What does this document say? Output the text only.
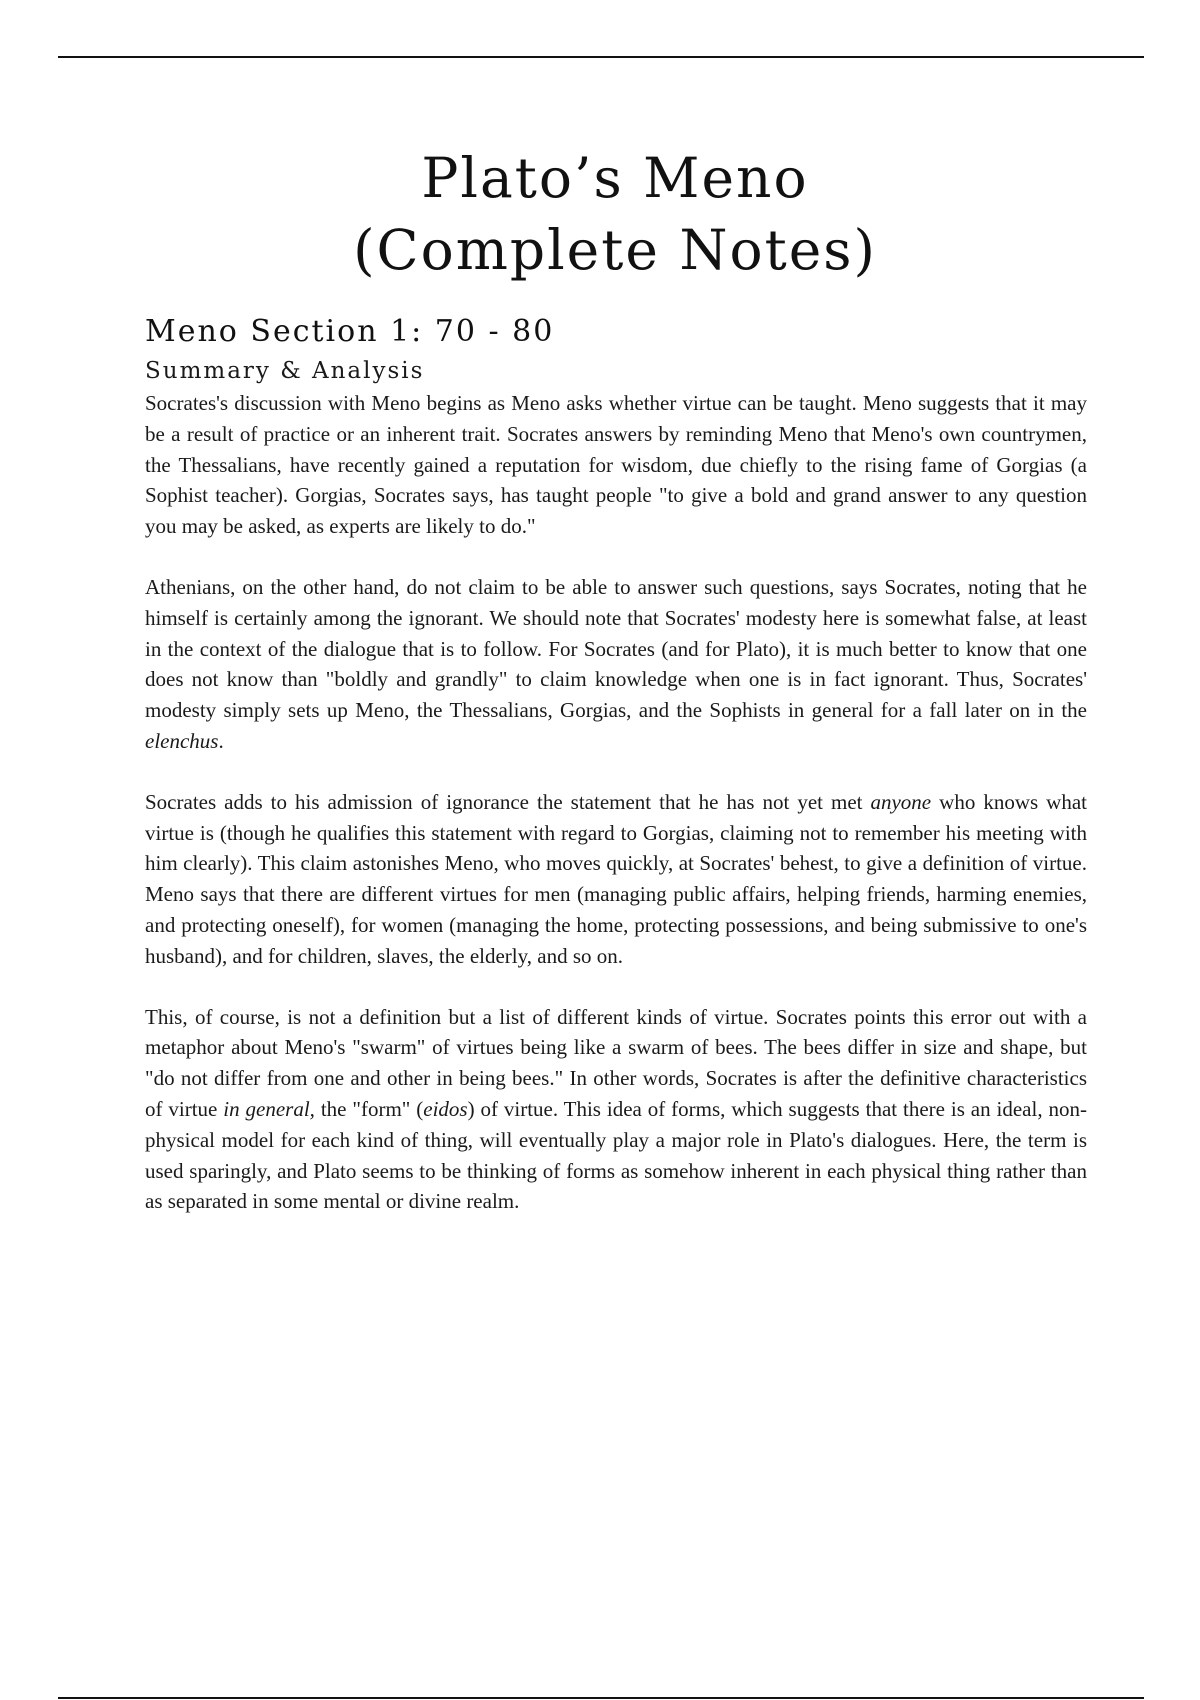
Plato’s Meno
(Complete Notes)
Meno Section 1: 70 - 80
Summary & Analysis

Socrates's discussion with Meno begins as Meno asks whether virtue can be taught. Meno suggests that it may be a result of practice or an inherent trait. Socrates answers by reminding Meno that Meno's own countrymen, the Thessalians, have recently gained a reputation for wisdom, due chiefly to the rising fame of Gorgias (a Sophist teacher). Gorgias, Socrates says, has taught people "to give a bold and grand answer to any question you may be asked, as experts are likely to do."

Athenians, on the other hand, do not claim to be able to answer such questions, says Socrates, noting that he himself is certainly among the ignorant. We should note that Socrates' modesty here is somewhat false, at least in the context of the dialogue that is to follow. For Socrates (and for Plato), it is much better to know that one does not know than "boldly and grandly" to claim knowledge when one is in fact ignorant. Thus, Socrates' modesty simply sets up Meno, the Thessalians, Gorgias, and the Sophists in general for a fall later on in the elenchus.

Socrates adds to his admission of ignorance the statement that he has not yet met anyone who knows what virtue is (though he qualifies this statement with regard to Gorgias, claiming not to remember his meeting with him clearly). This claim astonishes Meno, who moves quickly, at Socrates' behest, to give a definition of virtue. Meno says that there are different virtues for men (managing public affairs, helping friends, harming enemies, and protecting oneself), for women (managing the home, protecting possessions, and being submissive to one's husband), and for children, slaves, the elderly, and so on.

This, of course, is not a definition but a list of different kinds of virtue. Socrates points this error out with a metaphor about Meno's "swarm" of virtues being like a swarm of bees. The bees differ in size and shape, but "do not differ from one and other in being bees." In other words, Socrates is after the definitive characteristics of virtue in general, the "form" (eidos) of virtue. This idea of forms, which suggests that there is an ideal, non-physical model for each kind of thing, will eventually play a major role in Plato's dialogues. Here, the term is used sparingly, and Plato seems to be thinking of forms as somehow inherent in each physical thing rather than as separated in some mental or divine realm.
